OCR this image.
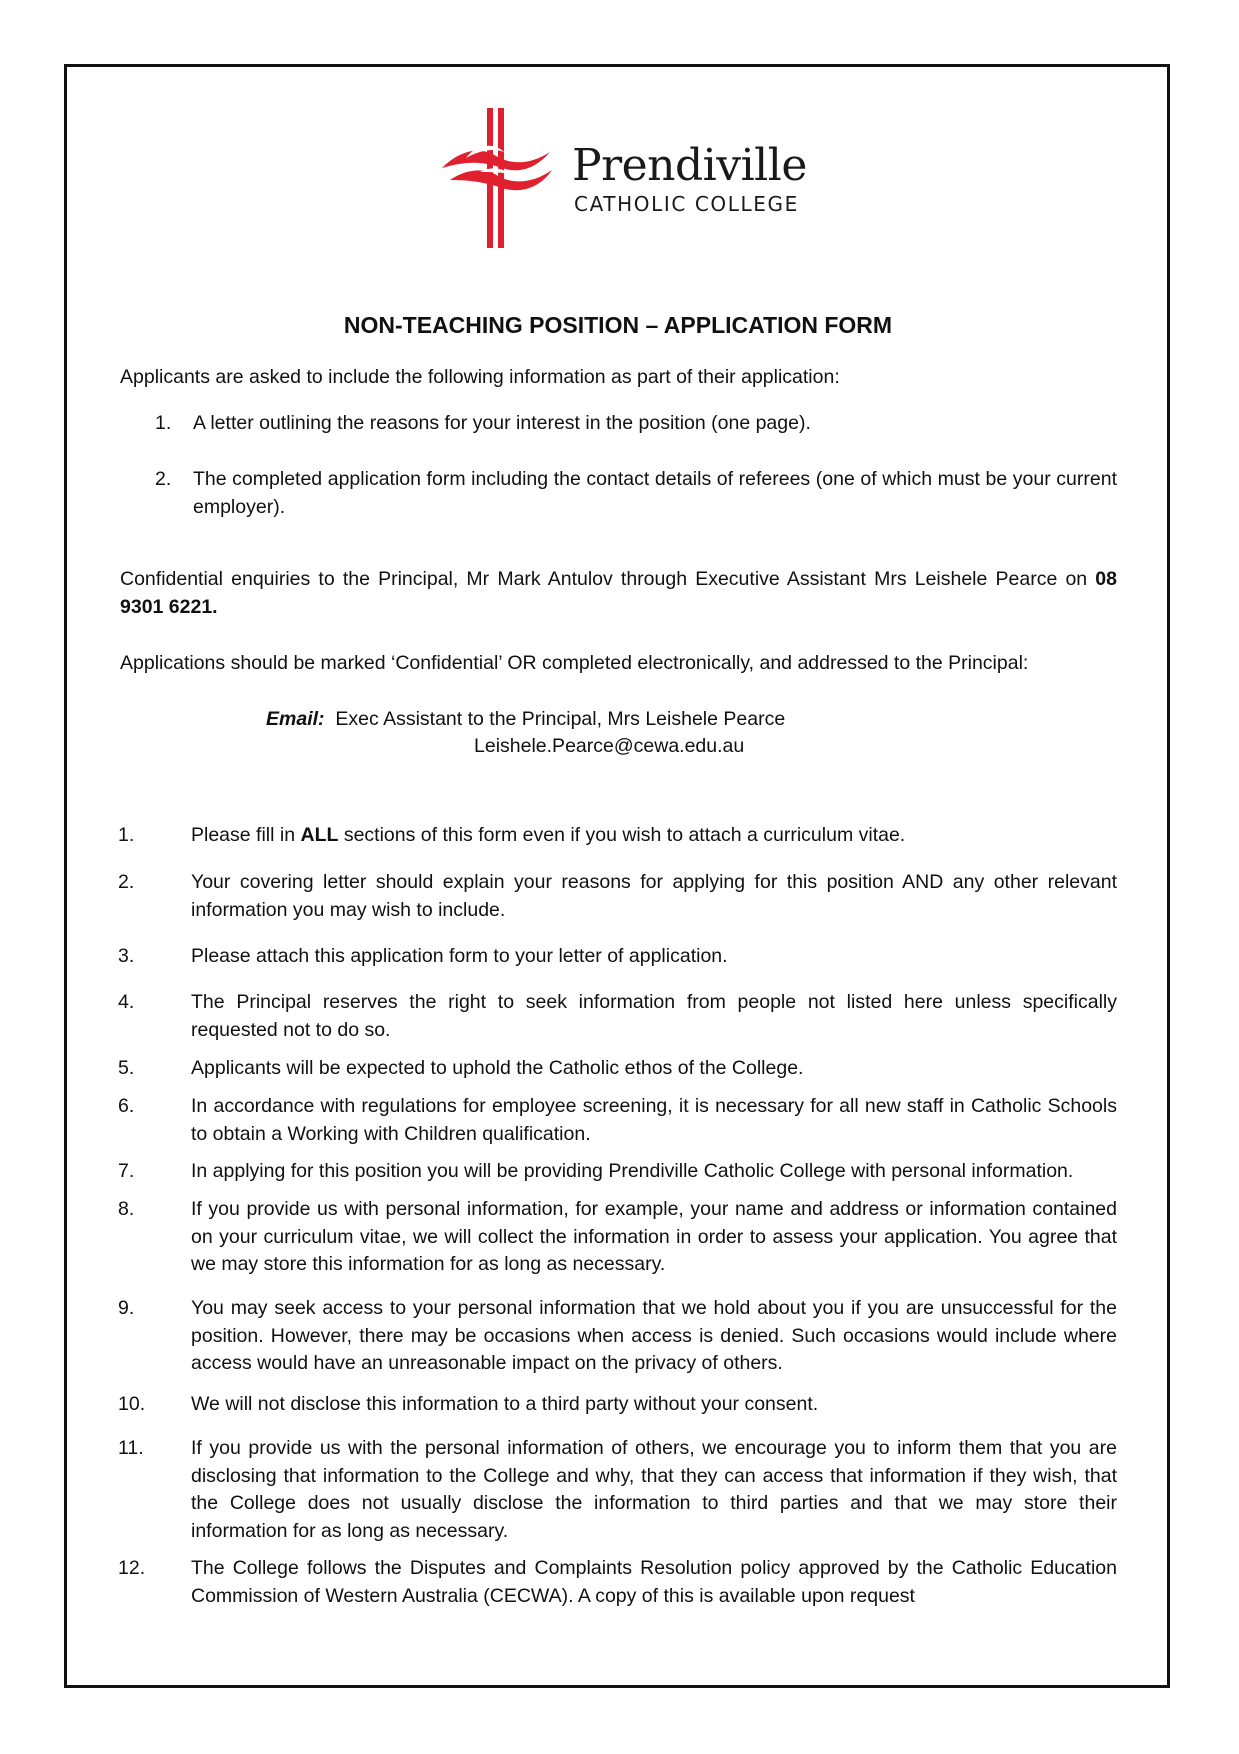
Prendiville
CATHOLIC COLLEGE
NON-TEACHING POSITION – APPLICATION FORM
Applicants are asked to include the following information as part of their application:
1. A letter outlining the reasons for your interest in the position (one page).
2. The completed application form including the contact details of referees (one of which must be your current employer).
Confidential enquiries to the Principal, Mr Mark Antulov through Executive Assistant Mrs Leishele Pearce on 08 9301 6221.
Applications should be marked ‘Confidential’ OR completed electronically, and addressed to the Principal:
Email: Exec Assistant to the Principal, Mrs Leishele Pearce
Leishele.Pearce@cewa.edu.au
1.	Please fill in ALL sections of this form even if you wish to attach a curriculum vitae.
2.	Your covering letter should explain your reasons for applying for this position AND any other relevant information you may wish to include.
3.	Please attach this application form to your letter of application.
4.	The Principal reserves the right to seek information from people not listed here unless specifically requested not to do so.
5.	Applicants will be expected to uphold the Catholic ethos of the College.
6.	In accordance with regulations for employee screening, it is necessary for all new staff in Catholic Schools to obtain a Working with Children qualification.
7.	In applying for this position you will be providing Prendiville Catholic College with personal information.
8.	If you provide us with personal information, for example, your name and address or information contained on your curriculum vitae, we will collect the information in order to assess your application. You agree that we may store this information for as long as necessary.
9.	You may seek access to your personal information that we hold about you if you are unsuccessful for the position. However, there may be occasions when access is denied. Such occasions would include where access would have an unreasonable impact on the privacy of others.
10. We will not disclose this information to a third party without your consent.
11. If you provide us with the personal information of others, we encourage you to inform them that you are disclosing that information to the College and why, that they can access that information if they wish, that the College does not usually disclose the information to third parties and that we may store their information for as long as necessary.
12. The College follows the Disputes and Complaints Resolution policy approved by the Catholic Education Commission of Western Australia (CECWA). A copy of this is available upon request
